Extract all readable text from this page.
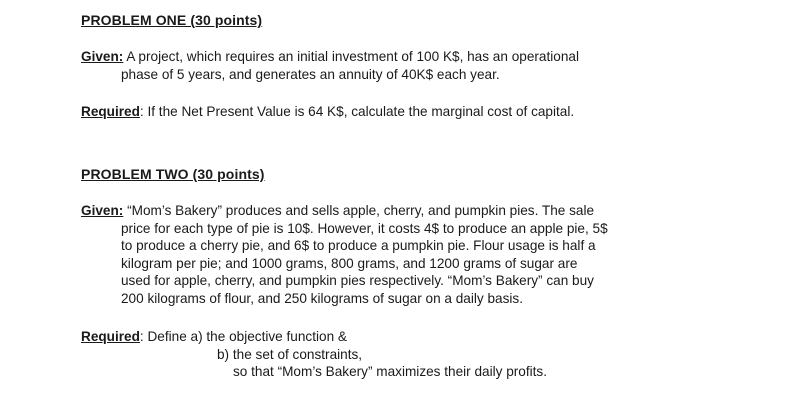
PROBLEM ONE (30 points)
Given: A project, which requires an initial investment of 100 K$, has an operational
phase of 5 years, and generates an annuity of 40K$ each year.
Required: If the Net Present Value is 64 K$, calculate the marginal cost of capital.
PROBLEM TWO (30 points)
Given: “Mom’s Bakery” produces and sells apple, cherry, and pumpkin pies. The sale
price for each type of pie is 10$. However, it costs 4$ to produce an apple pie, 5$
to produce a cherry pie, and 6$ to produce a pumpkin pie. Flour usage is half a
kilogram per pie; and 1000 grams, 800 grams, and 1200 grams of sugar are
used for apple, cherry, and pumpkin pies respectively. “Mom’s Bakery” can buy
200 kilograms of flour, and 250 kilograms of sugar on a daily basis.
Required: Define a) the objective function &
b) the set of constraints,
so that “Mom’s Bakery” maximizes their daily profits.
